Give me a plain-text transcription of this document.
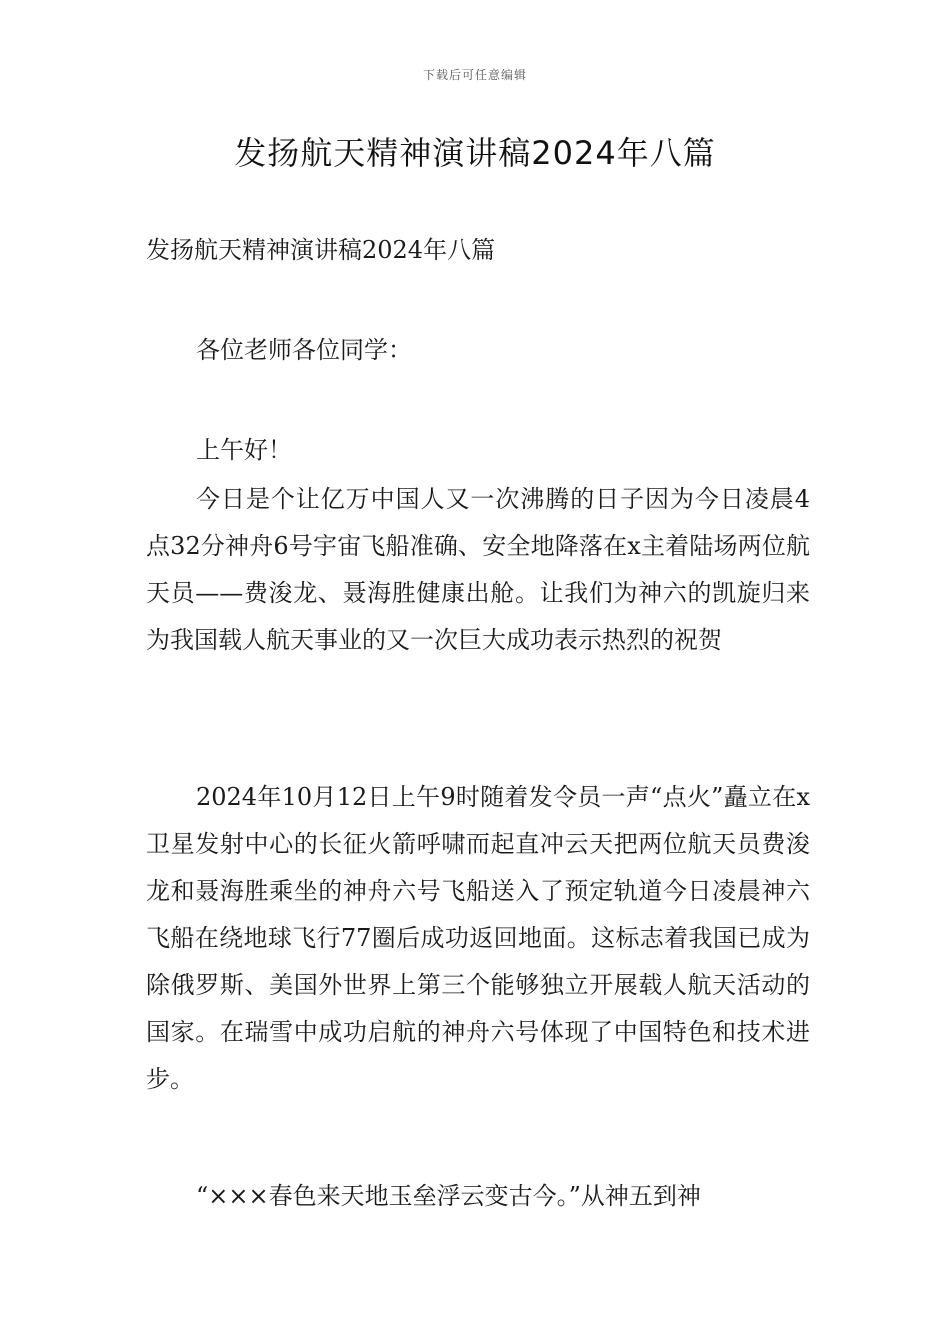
下载后可任意编辑
发扬航天精神演讲稿2024年八篇

发扬航天精神演讲稿2024年八篇

各位老师各位同学：

上午好！

今日是个让亿万中国人又一次沸腾的日子因为今日凌晨4点32分神舟6号宇宙飞船准确、安全地降落在x主着陆场两位航天员——费浚龙、聂海胜健康出舱。让我们为神六的凯旋归来为我国载人航天事业的又一次巨大成功表示热烈的祝贺

2024年10月12日上午9时随着发令员一声“点火”矗立在x卫星发射中心的长征火箭呼啸而起直冲云天把两位航天员费浚龙和聂海胜乘坐的神舟六号飞船送入了预定轨道今日凌晨神六飞船在绕地球飞行77圈后成功返回地面。这标志着我国已成为除俄罗斯、美国外世界上第三个能够独立开展载人航天活动的国家。在瑞雪中成功启航的神舟六号体现了中国特色和技术进步。

“×××春色来天地玉垒浮云变古今。”从神五到神
